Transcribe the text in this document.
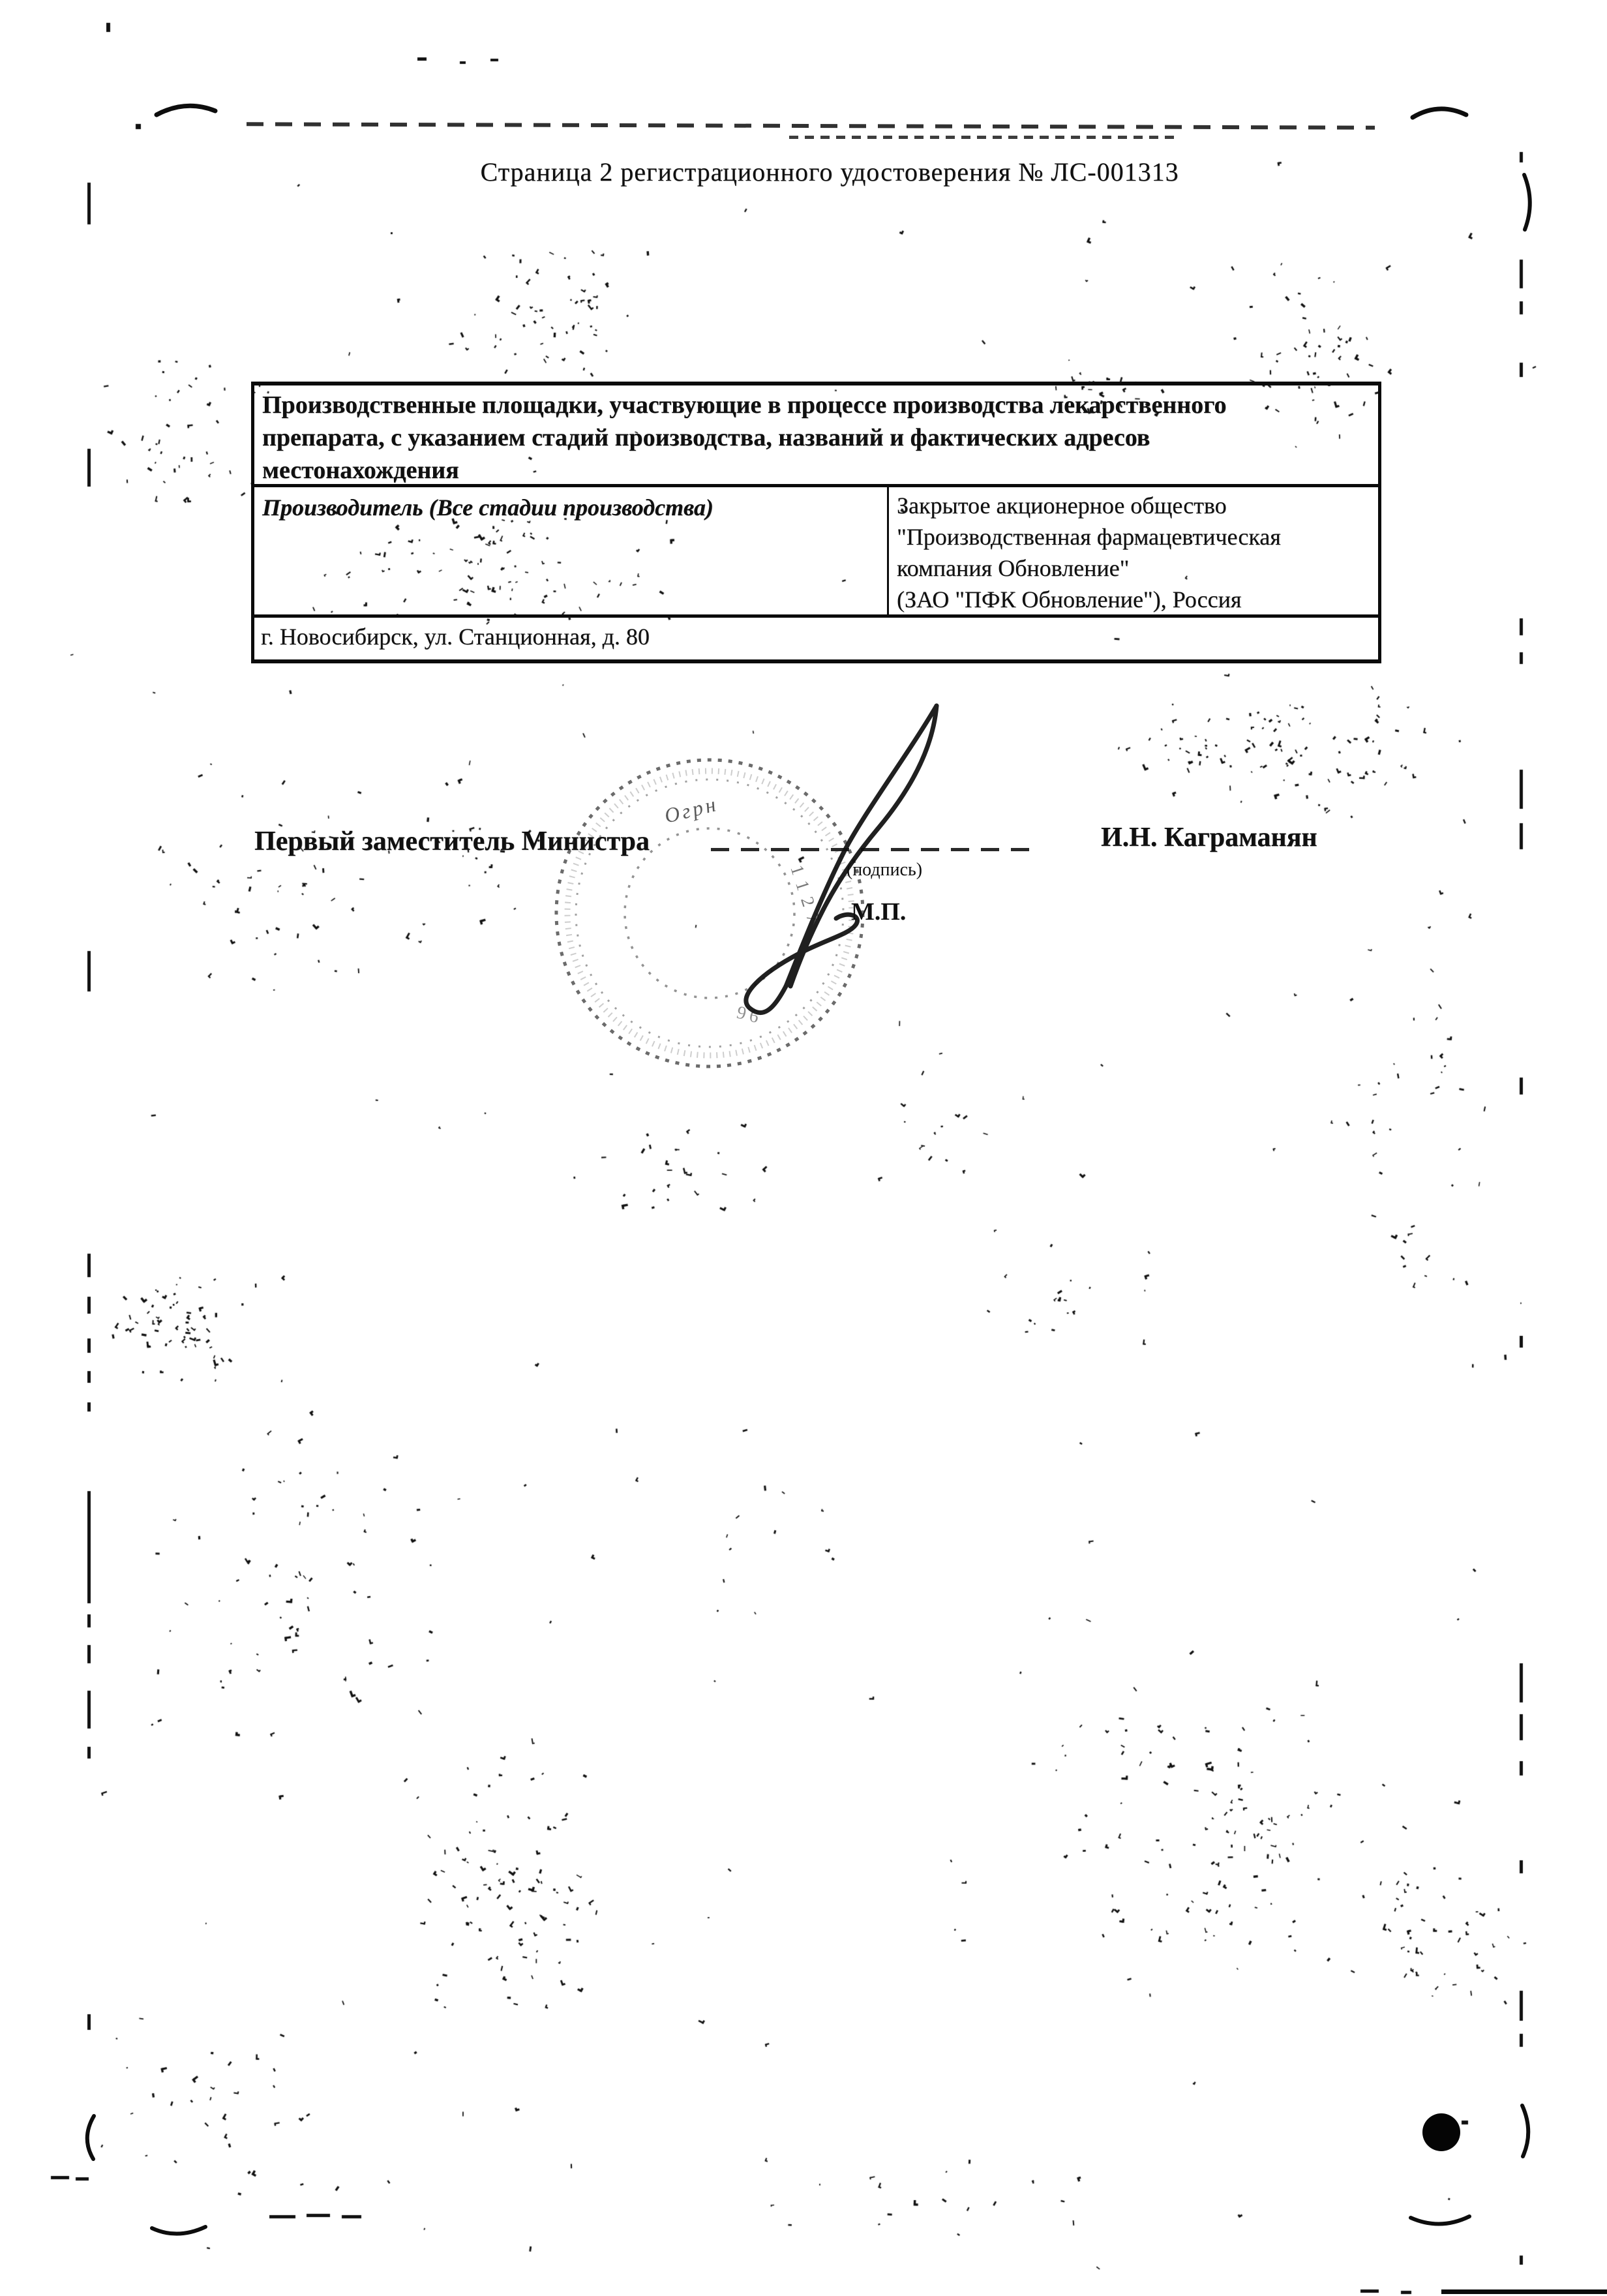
Страница 2 регистрационного удостоверения № ЛС-001313
Производственные площадки, участвующие в процессе производства лекарственного
препарата, с указанием стадий производства, названий и фактических адресов
местонахождения
Производитель (Все стадии производства)	Закрытое акционерное общество
"Производственная фармацевтическая
компания Обновление"
(ЗАО "ПФК Обновление"), Россия
г. Новосибирск, ул. Станционная, д. 80
Первый заместитель Министра
(подпись)
М.П.
И.Н. Каграманян
Огрн
1127
96
